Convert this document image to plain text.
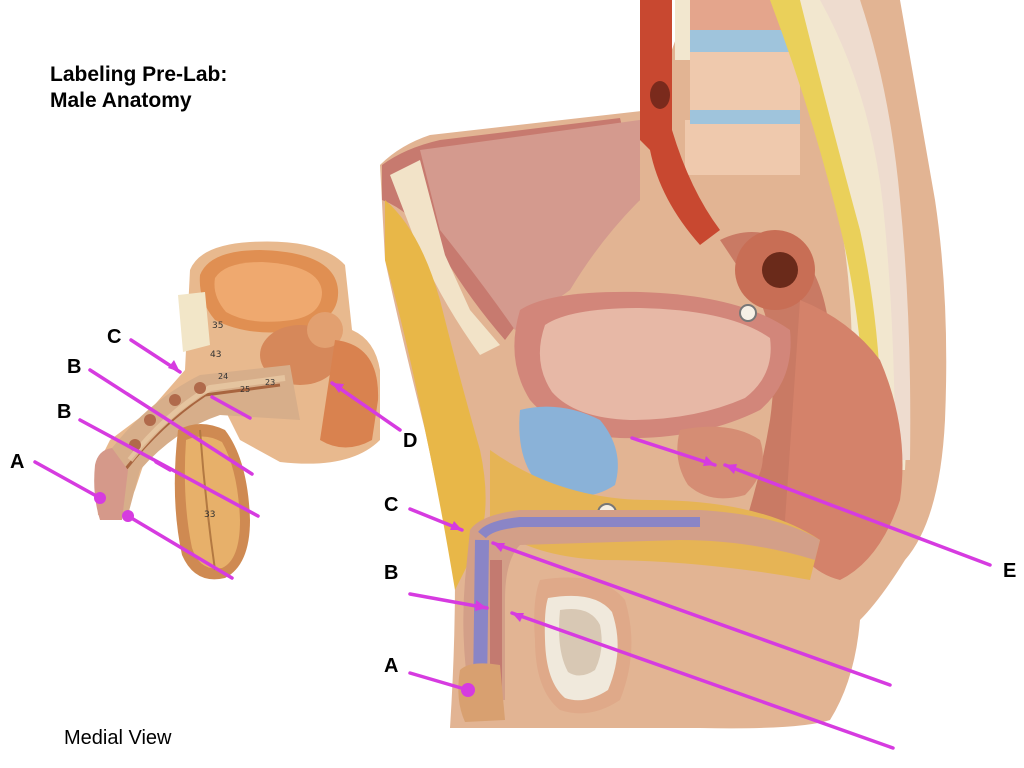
Labeling Pre-Lab:
Male Anatomy
35
43
24
23
25
33
C
B
B
A
D
C
B
A
E
Medial View
